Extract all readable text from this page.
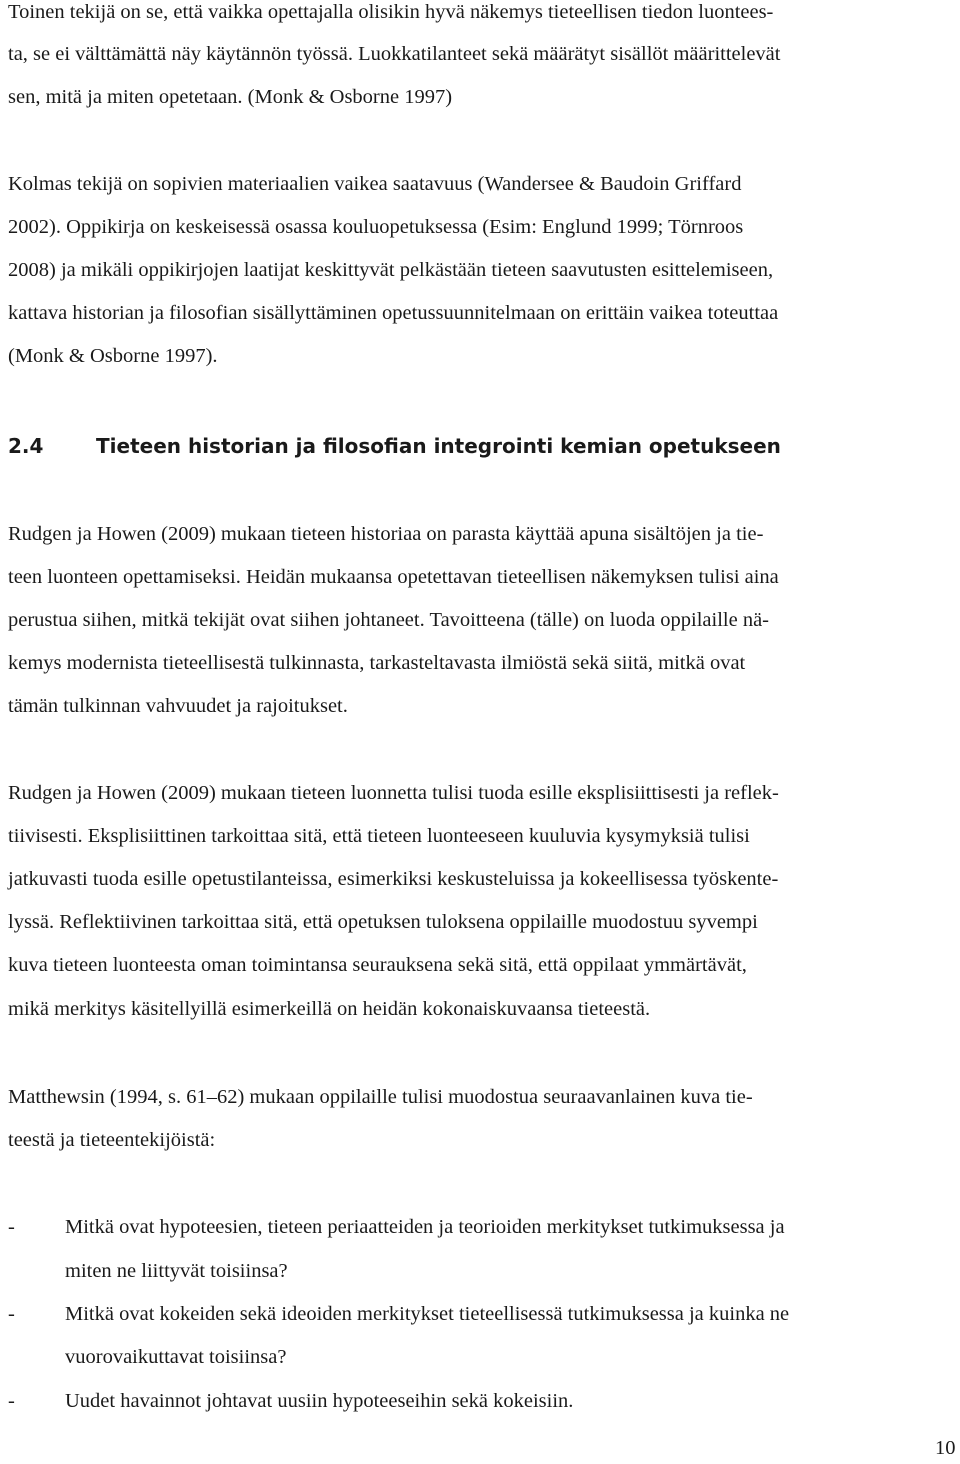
Toinen tekijä on se, että vaikka opettajalla olisikin hyvä näkemys tieteellisen tiedon luontees-
ta, se ei välttämättä näy käytännön työssä. Luokkatilanteet sekä määrätyt sisällöt määrittelevät
sen, mitä ja miten opetetaan. (Monk & Osborne 1997)
Kolmas tekijä on sopivien materiaalien vaikea saatavuus (Wandersee & Baudoin Griffard
2002). Oppikirja on keskeisessä osassa kouluopetuksessa (Esim: Englund 1999; Törnroos
2008) ja mikäli oppikirjojen laatijat keskittyvät pelkästään tieteen saavutusten esittelemiseen,
kattava historian ja filosofian sisällyttäminen opetussuunnitelmaan on erittäin vaikea toteuttaa
(Monk & Osborne 1997).
2.4	Tieteen historian ja filosofian integrointi kemian opetukseen
Rudgen ja Howen (2009) mukaan tieteen historiaa on parasta käyttää apuna sisältöjen ja tie-
teen luonteen opettamiseksi. Heidän mukaansa opetettavan tieteellisen näkemyksen tulisi aina
perustua siihen, mitkä tekijät ovat siihen johtaneet. Tavoitteena (tälle) on luoda oppilaille nä-
kemys modernista tieteellisestä tulkinnasta, tarkasteltavasta ilmiöstä sekä siitä, mitkä ovat
tämän tulkinnan vahvuudet ja rajoitukset.
Rudgen ja Howen (2009) mukaan tieteen luonnetta tulisi tuoda esille eksplisiittisesti ja reflek-
tiivisesti. Eksplisiittinen tarkoittaa sitä, että tieteen luonteeseen kuuluvia kysymyksiä tulisi
jatkuvasti tuoda esille opetustilanteissa, esimerkiksi keskusteluissa ja kokeellisessa työskente-
lyssä. Reflektiivinen tarkoittaa sitä, että opetuksen tuloksena oppilaille muodostuu syvempi
kuva tieteen luonteesta oman toimintansa seurauksena sekä sitä, että oppilaat ymmärtävät,
mikä merkitys käsitellyillä esimerkeillä on heidän kokonaiskuvaansa tieteestä.
Matthewsin (1994, s. 61–62) mukaan oppilaille tulisi muodostua seuraavanlainen kuva tie-
teestä ja tieteentekijöistä:
- Mitkä ovat hypoteesien, tieteen periaatteiden ja teorioiden merkitykset tutkimuksessa ja
miten ne liittyvät toisiinsa?
- Mitkä ovat kokeiden sekä ideoiden merkitykset tieteellisessä tutkimuksessa ja kuinka ne
vuorovaikuttavat toisiinsa?
- Uudet havainnot johtavat uusiin hypoteeseihin sekä kokeisiin.
10
